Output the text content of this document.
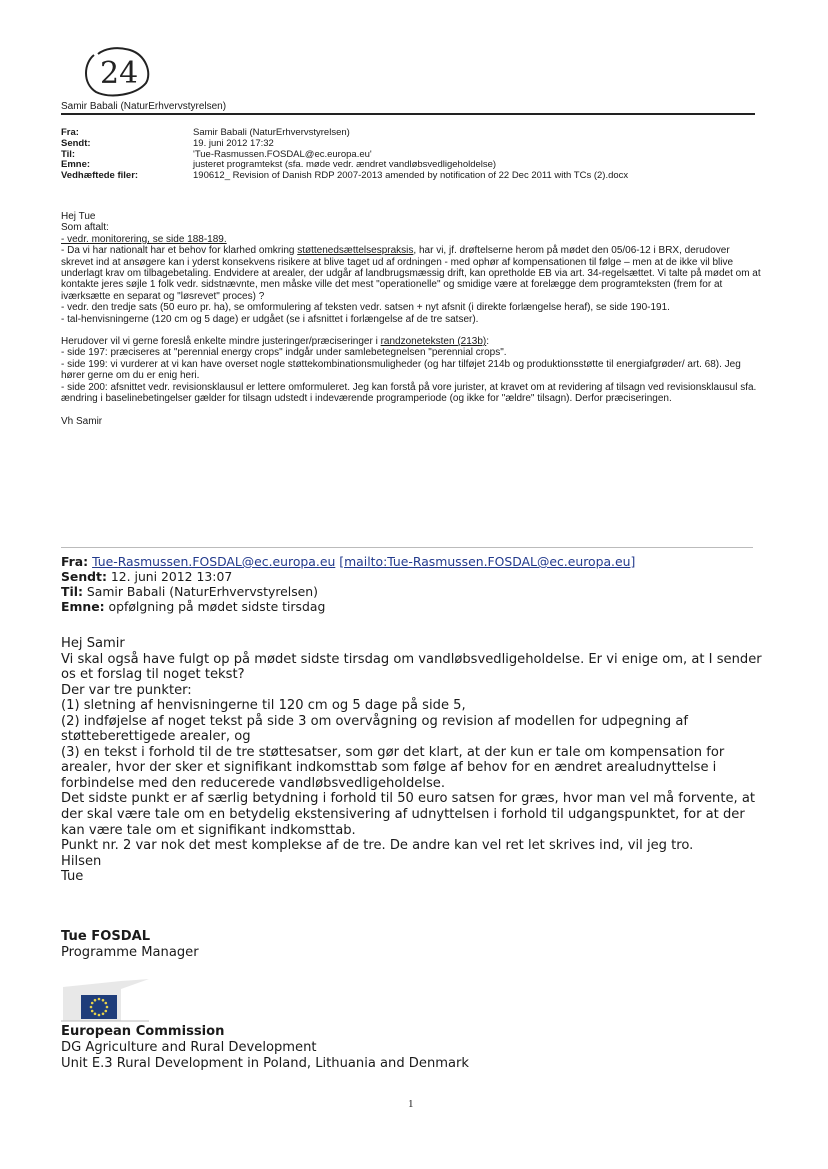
24
Samir Babali (NaturErhvervstyrelsen)
Fra:	Samir Babali (NaturErhvervstyrelsen)
Sendt:	19. juni 2012 17:32
Til:	'Tue-Rasmussen.FOSDAL@ec.europa.eu'
Emne:	justeret programtekst (sfa. møde vedr. ændret vandløbsvedligeholdelse)
Vedhæftede filer:	190612_ Revision of Danish RDP 2007-2013 amended by notification of 22 Dec 2011 with TCs (2).docx

Hej Tue

Som aftalt:

- vedr. monitorering, se side 188-189.

- Da vi har nationalt har et behov for klarhed omkring støttenedsættelsespraksis, har vi, jf. drøftelserne herom på mødet den 05/06-12 i BRX, derudover skrevet ind at ansøgere kan i yderst konsekvens risikere at blive taget ud af ordningen - med ophør af kompensationen til følge – men at de ikke vil blive underlagt krav om tilbagebetaling. Endvidere at arealer, der udgår af landbrugsmæssig drift, kan opretholde EB via art. 34-regelsættet. Vi talte på mødet om at kontakte jeres søjle 1 folk vedr. sidstnævnte, men måske ville det mest "operationelle" og smidige være at forelægge dem programteksten (frem for at iværksætte en separat og "løsrevet" proces) ?

- vedr. den tredje sats (50 euro pr. ha), se omformulering af teksten vedr. satsen + nyt afsnit (i direkte forlængelse heraf), se side 190-191.

- tal-henvisningerne (120 cm og 5 dage) er udgået (se i afsnittet i forlængelse af de tre satser).

Herudover vil vi gerne foreslå enkelte mindre justeringer/præciseringer i randzoneteksten (213b):

- side 197: præciseres at "perennial energy crops" indgår under samlebetegnelsen "perennial crops".

- side 199: vi vurderer at vi kan have overset nogle støttekombinationsmuligheder (og har tilføjet 214b og produktionsstøtte til energiafgrøder/ art. 68). Jeg hører gerne om du er enig heri.

- side 200: afsnittet vedr. revisionsklausul er lettere omformuleret. Jeg kan forstå på vore jurister, at kravet om at revidering af tilsagn ved revisionsklausul sfa. ændring i baselinebetingelser gælder for tilsagn udstedt i indeværende programperiode (og ikke for "ældre" tilsagn). Derfor præciseringen.

Vh Samir

Fra: Tue-Rasmussen.FOSDAL@ec.europa.eu [mailto:Tue-Rasmussen.FOSDAL@ec.europa.eu]
Sendt: 12. juni 2012 13:07
Til: Samir Babali (NaturErhvervstyrelsen)
Emne: opfølgning på mødet sidste tirsdag

Hej Samir

Vi skal også have fulgt op på mødet sidste tirsdag om vandløbsvedligeholdelse. Er vi enige om, at I sender os et forslag til noget tekst?

Der var tre punkter:

(1) sletning af henvisningerne til 120 cm og 5 dage på side 5,

(2) indføjelse af noget tekst på side 3 om overvågning og revision af modellen for udpegning af støtteberettigede arealer, og

(3) en tekst i forhold til de tre støttesatser, som gør det klart, at der kun er tale om kompensation for arealer, hvor der sker et signifikant indkomsttab som følge af behov for en ændret arealudnyttelse i forbindelse med den reducerede vandløbsvedligeholdelse.

Det sidste punkt er af særlig betydning i forhold til 50 euro satsen for græs, hvor man vel må forvente, at der skal være tale om en betydelig ekstensivering af udnyttelsen i forhold til udgangspunktet, for at der kan være tale om et signifikant indkomsttab.

Punkt nr. 2 var nok det mest komplekse af de tre. De andre kan vel ret let skrives ind, vil jeg tro.

Hilsen

Tue

Tue FOSDAL
Programme Manager
European Commission
DG Agriculture and Rural Development
Unit E.3 Rural Development in Poland, Lithuania and Denmark
1
